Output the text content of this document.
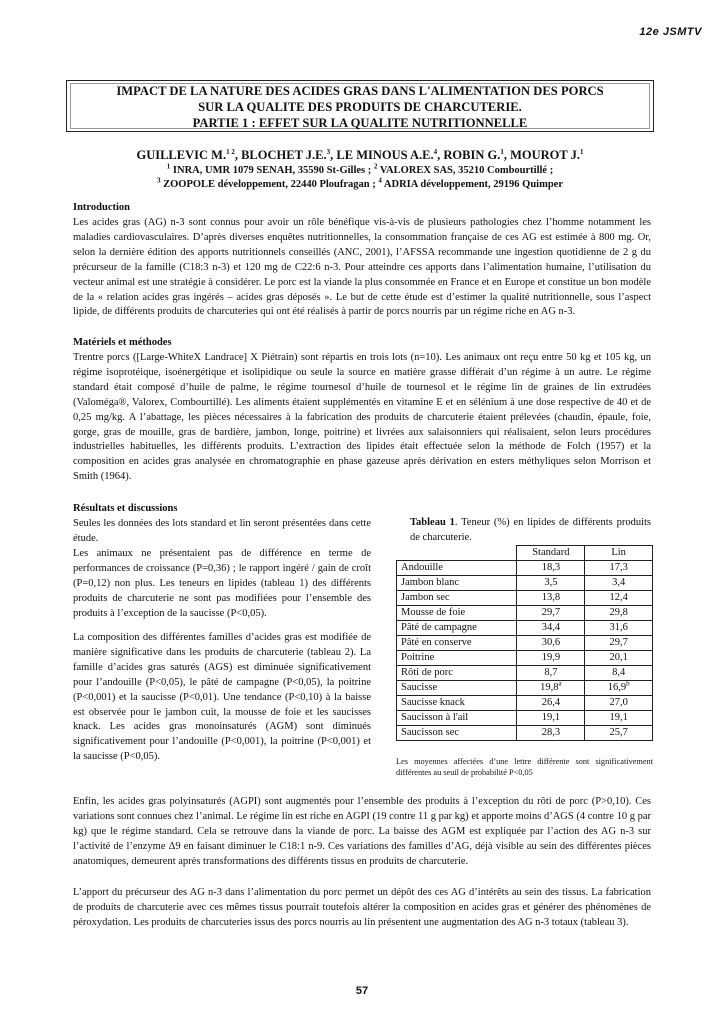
12e JSMTV
IMPACT DE LA NATURE DES ACIDES GRAS DANS L'ALIMENTATION DES PORCS
SUR LA QUALITE DES PRODUITS DE CHARCUTERIE.
PARTIE 1 : EFFET SUR LA QUALITE NUTRITIONNELLE
GUILLEVIC M.$^{1 2}$, BLOCHET J.E.$^3$, LE MINOUS A.E.$^4$, ROBIN G.$^1$, MOUROT J.$^1$
$^1$ INRA, UMR 1079 SENAH, 35590 St-Gilles ; $^2$ VALOREX SAS, 35210 Combourtillé ;
$^3$ ZOOPOLE développement, 22440 Ploufragan ; $^4$ ADRIA développement, 29196 Quimper
Introduction

Les acides gras (AG) n-3 sont connus pour avoir un rôle bénéfique vis-à-vis de plusieurs pathologies chez l’homme notamment les maladies cardiovasculaires. D’après diverses enquêtes nutritionnelles, la consommation française de ces AG est estimée à 800 mg. Or, selon la dernière édition des apports nutritionnels conseillés (ANC, 2001), l’AFSSA recommande une ingestion quotidienne de 2 g du précurseur de la famille (C18:3 n-3) et 120 mg de C22:6 n-3. Pour atteindre ces apports dans l’alimentation humaine, l’utilisation du vecteur animal est une stratégie à considérer. Le porc est la viande la plus consommée en France et en Europe et constitue un bon modèle de la « relation acides gras ingérés – acides gras déposés ». Le but de cette étude est d’estimer la qualité nutritionnelle, sous l’aspect lipide, de différents produits de charcuteries qui ont été réalisés à partir de porcs nourris par un régime riche en AG n-3.

Matériels et méthodes

Trentre porcs ([Large-WhiteX Landrace] X Piétrain) sont répartis en trois lots (n=10). Les animaux ont reçu entre 50 kg et 105 kg, un régime isoprotéique, isoénergétique et isolipidique ou seule la source en matière grasse différait d’un régime à un autre. Le régime standard était composé d’huile de palme, le régime tournesol d’huile de tournesol et le régime lin de graines de lin extrudées (Valoméga®, Valorex, Combourtillé). Les aliments étaient supplémentés en vitamine E et en sélénium à une dose respective de 40 et de 0,25 mg/kg. A l’abattage, les pièces nécessaires à la fabrication des produits de charcuterie étaient prélevées (chaudin, épaule, foie, gorge, gras de mouille, gras de bardière, jambon, longe, poitrine) et livrées aux salaisonniers qui réalisaient, selon leurs procédures industrielles habituelles, les différents produits. L’extraction des lipides était effectuée selon la méthode de Folch (1957) et la composition en acides gras analysée en chromatographie en phase gazeuse après dérivation en esters méthyliques selon Morrison et Smith (1964).

Résultats et discussions

Seules les données des lots standard et lin seront présentées dans cette étude.

Les animaux ne présentaient pas de différence en terme de performances de croissance (P=0,36) ; le rapport ingéré / gain de croît (P=0,12) non plus. Les teneurs en lipides (tableau 1) des différents produits de charcuterie ne sont pas modifiées pour l’ensemble des produits à l’exception de la saucisse (P<0,05).

La composition des différentes familles d’acides gras est modifiée de manière significative dans les produits de charcuterie (tableau 2). La famille d’acides gras saturés (AGS) est diminuée significativement pour l’andouille (P<0,05), le pâté de campagne (P<0,05), la poitrine (P<0,001) et la saucisse (P<0,01). Une tendance (P<0,10) à la baisse est observée pour le jambon cuit, la mousse de foie et les saucisses knack. Les acides gras monoinsaturés (AGM) sont diminués significativement pour l’andouille (P<0,001), la poitrine (P<0,001) et la saucisse (P<0,05).

Tableau 1. Teneur (%) en lipides de différents produits de charcuterie.
	Standard	Lin
Andouille	18,3	17,3
Jambon blanc	3,5	3,4
Jambon sec	13,8	12,4
Mousse de foie	29,7	29,8
Pâté de campagne	34,4	31,6
Pâté en conserve	30,6	29,7
Poitrine	19,9	20,1
Rôti de porc	8,7	8,4
Saucisse	19,8$^a$	16,9$^b$
Saucisse knack	26,4	27,0
Saucisson à l'ail	19,1	19,1
Saucisson sec	28,3	25,7
Les moyennes affectées d’une lettre différente sont significativement différentes au seuil de probabilité P<0,05

Enfin, les acides gras polyinsaturés (AGPI) sont augmentés pour l’ensemble des produits à l’exception du rôti de porc (P>0,10). Ces variations sont connues chez l’animal. Le régime lin est riche en AGPI (19 contre 11 g par kg) et apporte moins d’AGS (4 contre 10 g par kg) que le régime standard. Cela se retrouve dans la viande de porc. La baisse des AGM est expliquée par l’action des AG n-3 sur l’activité de l’enzyme Δ9 en faisant diminuer le C18:1 n-9. Ces variations des familles d’AG, déjà visible au sein des différentes pièces anatomiques, demeurent après transformations des différents tissus en produits de charcuterie.

L’apport du précurseur des AG n-3 dans l’alimentation du porc permet un dépôt des ces AG d’intérêts au sein des tissus. La fabrication de produits de charcuterie avec ces mêmes tissus pourrait toutefois altérer la composition en acides gras et générer des phénomènes de péroxydation. Les produits de charcuteries issus des porcs nourris au lin présentent une augmentation des AG n-3 totaux (tableau 3).

57
